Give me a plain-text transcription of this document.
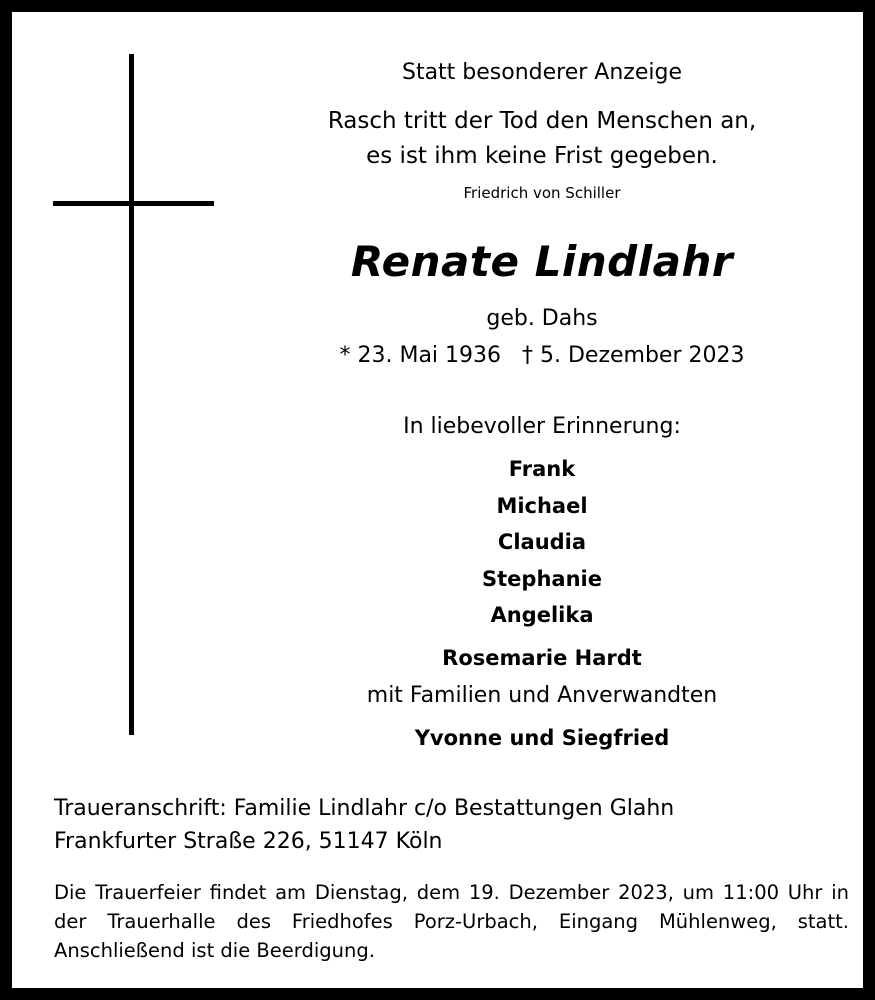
Statt besonderer Anzeige

Rasch tritt der Tod den Menschen an,

es ist ihm keine Frist gegeben.

Friedrich von Schiller

Renate Lindlahr

geb. Dahs

* 23. Mai 1936   † 5. Dezember 2023

In liebevoller Erinnerung:

Frank

Michael

Claudia

Stephanie

Angelika

Rosemarie Hardt

mit Familien und Anverwandten

Yvonne und Siegfried

Traueranschrift: Familie Lindlahr c/o Bestattungen Glahn

Frankfurter Straße 226, 51147 Köln

Die Trauerfeier findet am Dienstag, dem 19. Dezember 2023, um 11:00 Uhr in der Trauerhalle des Friedhofes Porz-Urbach, Eingang Mühlenweg, statt. Anschließend ist die Beerdigung.
